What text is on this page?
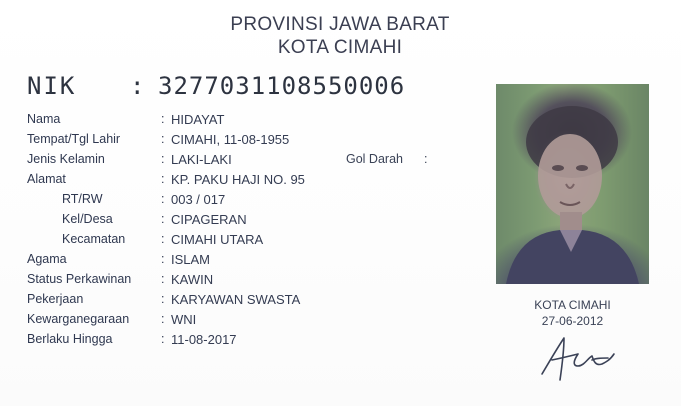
PROVINSI JAWA BARAT
KOTA CIMAHI
NIK : 3277031108550006
Nama	: HIDAYAT
Tempat/Tgl Lahir	: CIMAHI, 11-08-1955
Jenis Kelamin	: LAKI-LAKI	Gol Darah :
Alamat	: KP. PAKU HAJI NO. 95
RT/RW	: 003 / 017
Kel/Desa	: CIPAGERAN
Kecamatan	: CIMAHI UTARA
Agama	: ISLAM
Status Perkawinan : KAWIN
Pekerjaan	: KARYAWAN SWASTA
Kewarganegaraan	: WNI
Berlaku Hingga	: 11-08-2017
KOTA CIMAHI
27-06-2012
